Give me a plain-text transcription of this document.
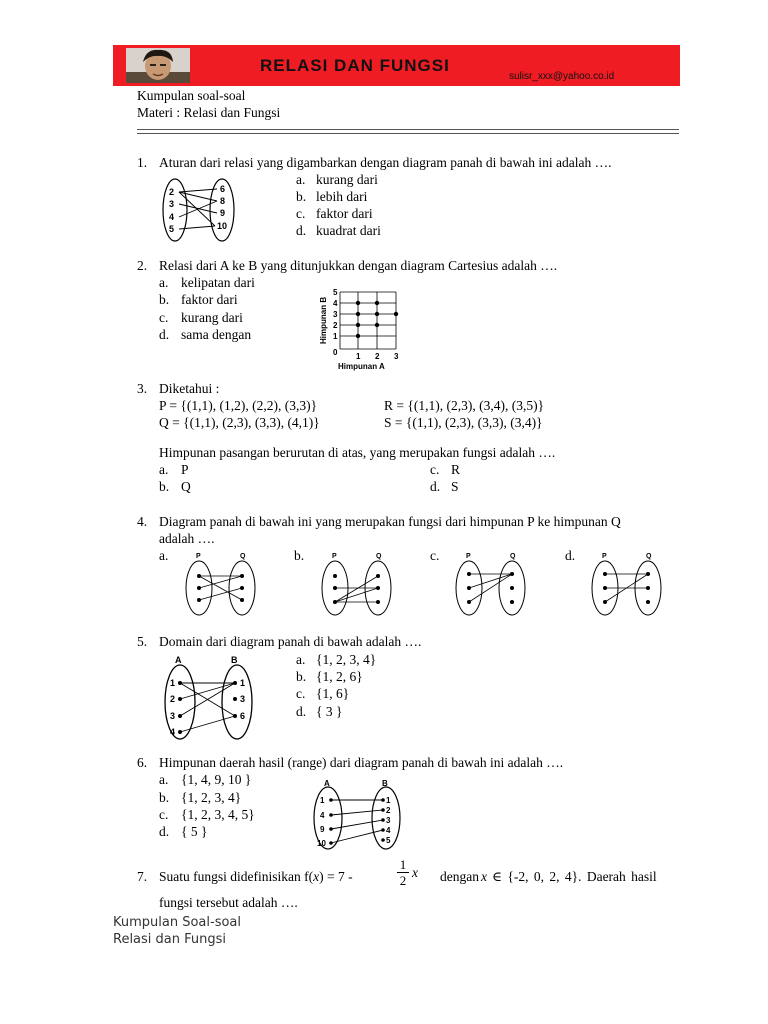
RELASI DAN FUNGSI
sulisr_xxx@yahoo.co.id
Kumpulan soal-soal
Materi : Relasi dan Fungsi
1. Aturan dari relasi yang digambarkan dengan diagram panah di bawah ini adalah ….
2
3
4
5
6
8
9
10
a. kurang dari
b. lebih dari
c. faktor dari
d. kuadrat dari
2. Relasi dari A ke B yang ditunjukkan dengan diagram Cartesius adalah ….
a. kelipatan dari
b. faktor dari
c. kurang dari
d. sama dengan	Himpunan B
5
4
3
2
1
0 1 2 3
Himpunan A
3. Diketahui :
P = {(1,1), (1,2), (2,2), (3,3)}	R = {(1,1), (2,3), (3,4), (3,5)}
Q = {(1,1), (2,3), (3,3), (4,1)}	S = {(1,1), (2,3), (3,3), (3,4)}
Himpunan pasangan berurutan di atas, yang merupakan fungsi adalah ….
a. P
b. Q
c. R
d. S
4. Diagram panah di bawah ini yang merupakan fungsi dari himpunan P ke himpunan Q
adalah ….
a.	b.	c.	d.
P	Q	P	Q	P	Q	P	Q
5. Domain dari diagram panah di bawah adalah ….
A	B
1
2
3
4
1
3
6
a. {1, 2, 3, 4}
b. {1, 2, 6}
c. {1, 6}
d. { 3 }
6. Himpunan daerah hasil (range) dari diagram panah di bawah ini adalah ….
a. {1, 4, 9, 10 }
b. {1, 2, 3, 4}
c. {1, 2, 3, 4, 5}
d. { 5 }
A	B
1
4
9
10
1
2
3
4
5
7. Suatu fungsi didefinisikan f(x) = 7 -	$\frac{1}{2}$ x dengan x ∈ {-2, 0, 2, 4}. Daerah hasil
fungsi tersebut adalah ….
Kumpulan Soal-soal
Relasi dan Fungsi
